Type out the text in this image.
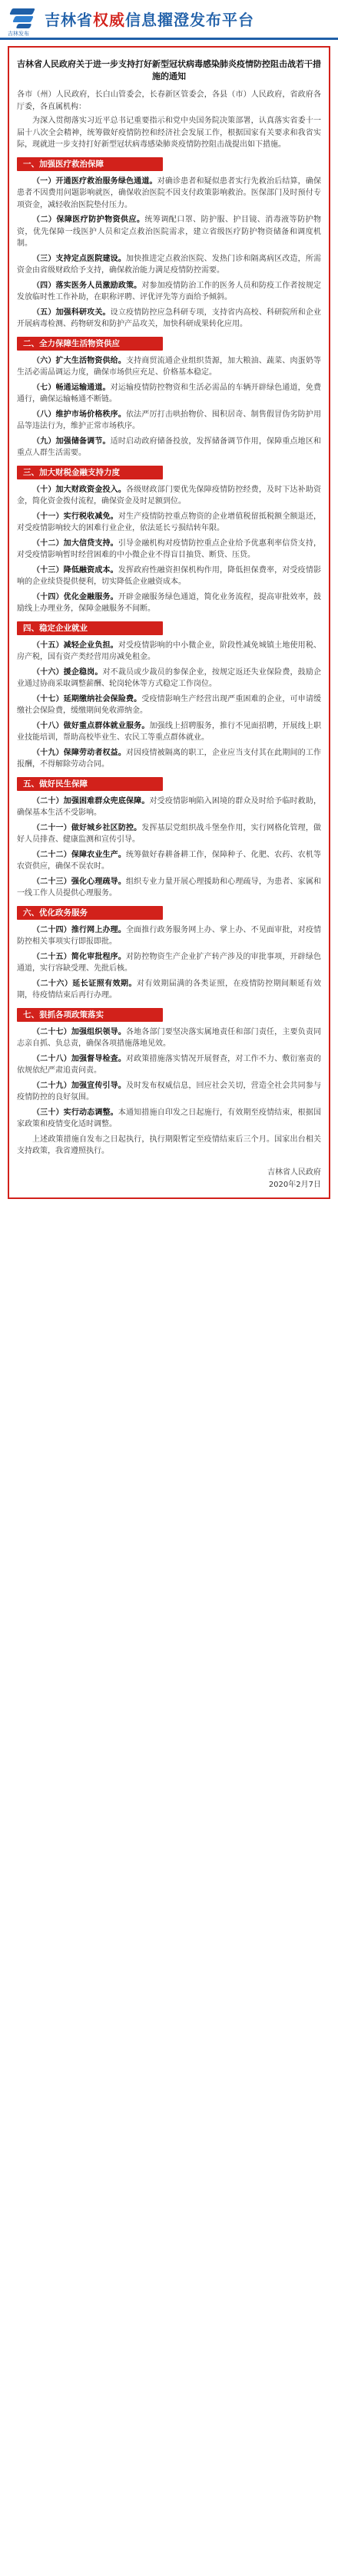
吉林发布
吉林省权威信息擢澄发布平台
吉林省人民政府关于进一步支持打好新型冠状病毒感染肺炎疫情防控阻击战若干措施的通知

各市（州）人民政府，长白山管委会，长春新区管委会，各县（市）人民政府，省政府各厅委，各直属机构：

为深入贯彻落实习近平总书记重要指示和党中央国务院决策部署，认真落实省委十一届十八次全会精神，统筹做好疫情防控和经济社会发展工作，根据国家有关要求和我省实际，现就进一步支持打好新型冠状病毒感染肺炎疫情防控阻击战提出如下措施。

一、加强医疗救治保障

（一）开通医疗救治服务绿色通道。对确诊患者和疑似患者实行先救治后结算，确保患者不因费用问题影响就医，确保收治医院不因支付政策影响救治。医保部门及时预付专项资金，减轻收治医院垫付压力。

（二）保障医疗防护物资供应。统筹调配口罩、防护服、护目镜、消毒液等防护物资，优先保障一线医护人员和定点救治医院需求，建立省级医疗防护物资储备和调度机制。

（三）支持定点医院建设。加快推进定点救治医院、发热门诊和隔离病区改造，所需资金由省级财政给予支持，确保救治能力满足疫情防控需要。

（四）落实医务人员激励政策。对参加疫情防治工作的医务人员和防疫工作者按规定发放临时性工作补助，在职称评聘、评优评先等方面给予倾斜。

（五）加强科研攻关。设立疫情防控应急科研专项，支持省内高校、科研院所和企业开展病毒检测、药物研发和防护产品攻关，加快科研成果转化应用。

二、全力保障生活物资供应

（六）扩大生活物资供给。支持商贸流通企业组织货源，加大粮油、蔬菜、肉蛋奶等生活必需品调运力度，确保市场供应充足、价格基本稳定。

（七）畅通运输通道。对运输疫情防控物资和生活必需品的车辆开辟绿色通道，免费通行，确保运输畅通不断链。

（八）维护市场价格秩序。依法严厉打击哄抬物价、囤积居奇、制售假冒伪劣防护用品等违法行为，维护正常市场秩序。

（九）加强储备调节。适时启动政府储备投放，发挥储备调节作用，保障重点地区和重点人群生活需要。

三、加大财税金融支持力度

（十）加大财政资金投入。各级财政部门要优先保障疫情防控经费，及时下达补助资金，简化资金拨付流程，确保资金及时足额到位。

（十一）实行税收减免。对生产疫情防控重点物资的企业增值税留抵税额全额退还，对受疫情影响较大的困难行业企业，依法延长亏损结转年限。

（十二）加大信贷支持。引导金融机构对疫情防控重点企业给予优惠利率信贷支持，对受疫情影响暂时经营困难的中小微企业不得盲目抽贷、断贷、压贷。

（十三）降低融资成本。发挥政府性融资担保机构作用，降低担保费率，对受疫情影响的企业续贷提供便利，切实降低企业融资成本。

（十四）优化金融服务。开辟金融服务绿色通道，简化业务流程，提高审批效率，鼓励线上办理业务，保障金融服务不间断。

四、稳定企业就业

（十五）减轻企业负担。对受疫情影响的中小微企业，阶段性减免城镇土地使用税、房产税，国有资产类经营用房减免租金。

（十六）援企稳岗。对不裁员或少裁员的参保企业，按规定返还失业保险费，鼓励企业通过协商采取调整薪酬、轮岗轮休等方式稳定工作岗位。

（十七）延期缴纳社会保险费。受疫情影响生产经营出现严重困难的企业，可申请缓缴社会保险费，缓缴期间免收滞纳金。

（十八）做好重点群体就业服务。加强线上招聘服务，推行不见面招聘，开展线上职业技能培训，帮助高校毕业生、农民工等重点群体就业。

（十九）保障劳动者权益。对因疫情被隔离的职工，企业应当支付其在此期间的工作报酬，不得解除劳动合同。

五、做好民生保障

（二十）加强困难群众兜底保障。对受疫情影响陷入困境的群众及时给予临时救助，确保基本生活不受影响。

（二十一）做好城乡社区防控。发挥基层党组织战斗堡垒作用，实行网格化管理，做好人员排查、健康监测和宣传引导。

（二十二）保障农业生产。统筹做好春耕备耕工作，保障种子、化肥、农药、农机等农资供应，确保不误农时。

（二十三）强化心理疏导。组织专业力量开展心理援助和心理疏导，为患者、家属和一线工作人员提供心理服务。

六、优化政务服务

（二十四）推行网上办理。全面推行政务服务网上办、掌上办、不见面审批，对疫情防控相关事项实行即报即批。

（二十五）简化审批程序。对防控物资生产企业扩产转产涉及的审批事项，开辟绿色通道，实行容缺受理、先批后核。

（二十六）延长证照有效期。对有效期届满的各类证照，在疫情防控期间顺延有效期，待疫情结束后再行办理。

七、狠抓各项政策落实

（二十七）加强组织领导。各地各部门要坚决落实属地责任和部门责任，主要负责同志亲自抓、负总责，确保各项措施落地见效。

（二十八）加强督导检查。对政策措施落实情况开展督查，对工作不力、敷衍塞责的依规依纪严肃追责问责。

（二十九）加强宣传引导。及时发布权威信息，回应社会关切，营造全社会共同参与疫情防控的良好氛围。

（三十）实行动态调整。本通知措施自印发之日起施行，有效期至疫情结束，根据国家政策和疫情变化适时调整。

上述政策措施自发布之日起执行，执行期限暂定至疫情结束后三个月。国家出台相关支持政策，我省遵照执行。

吉林省人民政府
2020年2月7日
